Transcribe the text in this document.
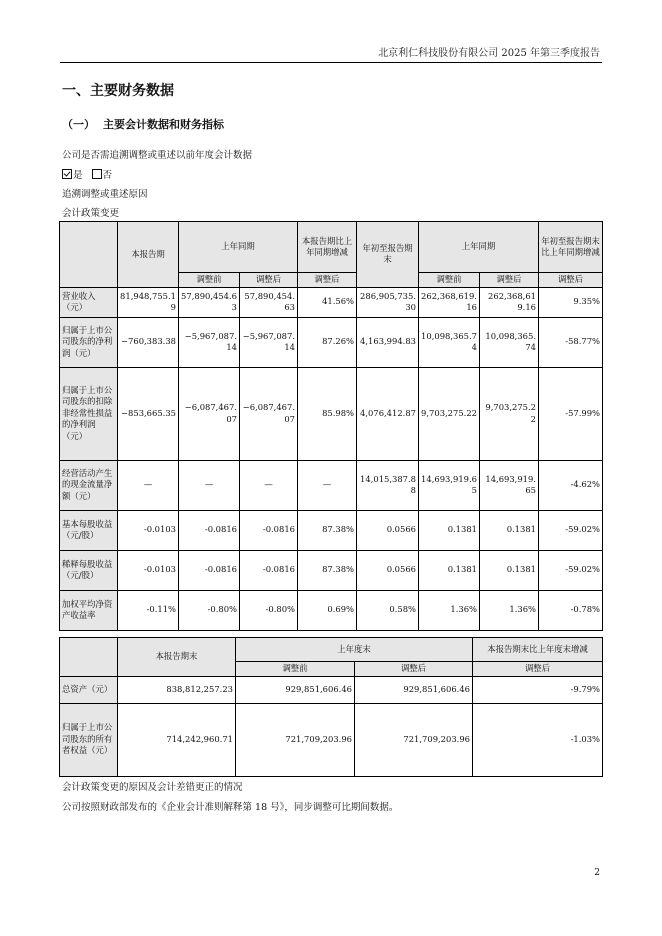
北京利仁科技股份有限公司 2025 年第三季度报告
一、主要财务数据
（一） 主要会计数据和财务指标
公司是否需追溯调整或重述以前年度会计数据
是 否
追溯调整或重述原因
会计政策变更
	本报告期	上年同期		本报告期比上年同期增减	年初至报告期末	上年同期		年初至报告期末比上年同期增减
		调整前	调整后	调整后		调整前	调整后	调整后
营业收入（元）	81,948,755.19	57,890,454.63	57,890,454.63	41.56%	286,905,735.30	262,368,619.16	262,368,619.16	9.35%
归属于上市公司股东的净利润（元）	−760,383.38	−5,967,087.14	−5,967,087.14	87.26%	4,163,994.83	10,098,365.74	10,098,365.74	-58.77%
归属于上市公司股东的扣除非经常性损益的净利润（元）	−853,665.35	−6,087,467.07	−6,087,467.07	85.98%	4,076,412.87	9,703,275.22	9,703,275.22	-57.99%
经营活动产生的现金流量净额（元）	—	—	—	—	14,015,387.88	14,693,919.65	14,693,919.65	-4.62%
基本每股收益（元/股）	-0.0103	-0.0816	-0.0816	87.38%	0.0566	0.1381	0.1381	-59.02%
稀释每股收益（元/股）	-0.0103	-0.0816	-0.0816	87.38%	0.0566	0.1381	0.1381	-59.02%
加权平均净资产收益率	-0.11%	-0.80%	-0.80%	0.69%	0.58%	1.36%	1.36%	-0.78%
	本报告期末	上年度末		本报告期末比上年度末增减
		调整前	调整后	调整后
总资产（元）	838,812,257.23	929,851,606.46	929,851,606.46	-9.79%
归属于上市公司股东的所有者权益（元）	714,242,960.71	721,709,203.96	721,709,203.96	-1.03%
会计政策变更的原因及会计差错更正的情况
公司按照财政部发布的《企业会计准则解释第 18 号》，同步调整可比期间数据。
2
